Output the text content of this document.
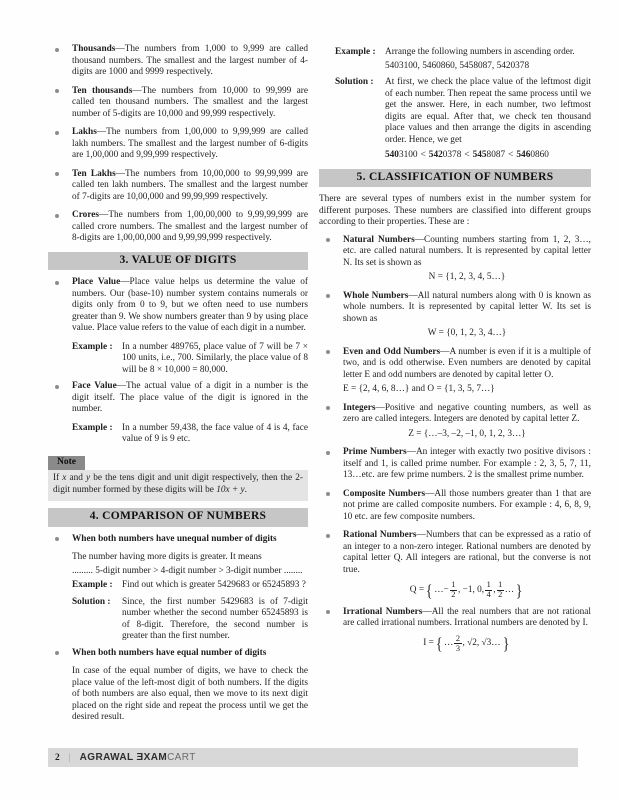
Thousands—The numbers from 1,000 to 9,999 are called thousand numbers. The smallest and the largest number of 4-digits are 1000 and 9999 respectively.

Ten thousands—The numbers from 10,000 to 99,999 are called ten thousand numbers. The smallest and the largest number of 5-digits are 10,000 and 99,999 respectively.

Lakhs—The numbers from 1,00,000 to 9,99,999 are called lakh numbers. The smallest and the largest number of 6-digits are 1,00,000 and 9,99,999 respectively.

Ten Lakhs—The numbers from 10,00,000 to 99,99,999 are called ten lakh numbers. The smallest and the largest number of 7-digits are 10,00,000 and 99,99,999 respectively.

Crores—The numbers from 1,00,00,000 to 9,99,99,999 are called crore numbers. The smallest and the largest number of 8-digits are 1,00,00,000 and 9,99,99,999 respectively.

3. VALUE OF DIGITS

Place Value—Place value helps us determine the value of numbers. Our (base-10) number system contains numerals or digits only from 0 to 9, but we often need to use numbers greater than 9. We show numbers greater than 9 by using place value. Place value refers to the value of each digit in a number.

Example :	In a number 489765, place value of 7 will be 7 × 100 units, i.e., 700. Similarly, the place value of 8 will be 8 × 10,000 = 80,000.

Face Value—The actual value of a digit in a number is the digit itself. The place value of the digit is ignored in the number.

Example :	In a number 59,438, the face value of 4 is 4, face value of 9 is 9 etc.

Note
If x and y be the tens digit and unit digit respectively, then the 2-digit number formed by these digits will be 10x + y.
4. COMPARISON OF NUMBERS

When both numbers have unequal number of digits

The number having more digits is greater. It means

......... 5-digit number > 4-digit number > 3-digit number ........

Example :	Find out which is greater 5429683 or 65245893 ?

Solution :	Since, the first number 5429683 is of 7-digit number whether the second number 65245893 is of 8-digit. Therefore, the second number is greater than the first number.

When both numbers have equal number of digits

In case of the equal number of digits, we have to check the place value of the left-most digit of both numbers. If the digits of both numbers are also equal, then we move to its next digit placed on the right side and repeat the process until we get the desired result.

Example :	Arrange the following numbers in ascending order.

5403100, 5460860, 5458087, 5420378

Solution :	At first, we check the place value of the leftmost digit of each number. Then repeat the same process until we get the answer. Here, in each number, two leftmost digits are equal. After that, we check ten thousand place values and then arrange the digits in ascending order. Hence, we get

5403100 < 5420378 < 5458087 < 5460860

5. CLASSIFICATION OF NUMBERS

There are several types of numbers exist in the number system for different purposes. These numbers are classified into different groups according to their properties. These are :

Natural Numbers—Counting numbers starting from 1, 2, 3…, etc. are called natural numbers. It is represented by capital letter N. Its set is shown as

N = {1, 2, 3, 4, 5…}

Whole Numbers—All natural numbers along with 0 is known as whole numbers. It is represented by capital letter W. Its set is shown as

W = {0, 1, 2, 3, 4…}

Even and Odd Numbers—A number is even if it is a multiple of two, and is odd otherwise. Even numbers are denoted by capital letter E and odd numbers are denoted by capital letter O.

E = {2, 4, 6, 8…} and O = {1, 3, 5, 7…}

Integers—Positive and negative counting numbers, as well as zero are called integers. Integers are denoted by capital letter Z.

Z = {…–3, –2, –1, 0, 1, 2, 3…}

Prime Numbers—An integer with exactly two positive divisors : itself and 1, is called prime number. For example : 2, 3, 5, 7, 11, 13…etc. are few prime numbers. 2 is the smallest prime number.

Composite Numbers—All those numbers greater than 1 that are not prime are called composite numbers. For example : 4, 6, 8, 9, 10 etc. are few composite numbers.

Rational Numbers—Numbers that can be expressed as a ratio of an integer to a non-zero integer. Rational numbers are denoted by capital letter Q. All integers are rational, but the converse is not true.

Q = { …− $\frac{1}{2}$ , −1, 0, $\frac{1}{4}$ , $\frac{1}{2}$ … }

Irrational Numbers—All the real numbers that are not rational are called irrational numbers. Irrational numbers are denoted by I.

I = { … $\frac{2}{3}$ , √2, √3… }
2 | AGRAWAL ƎXAMCART
